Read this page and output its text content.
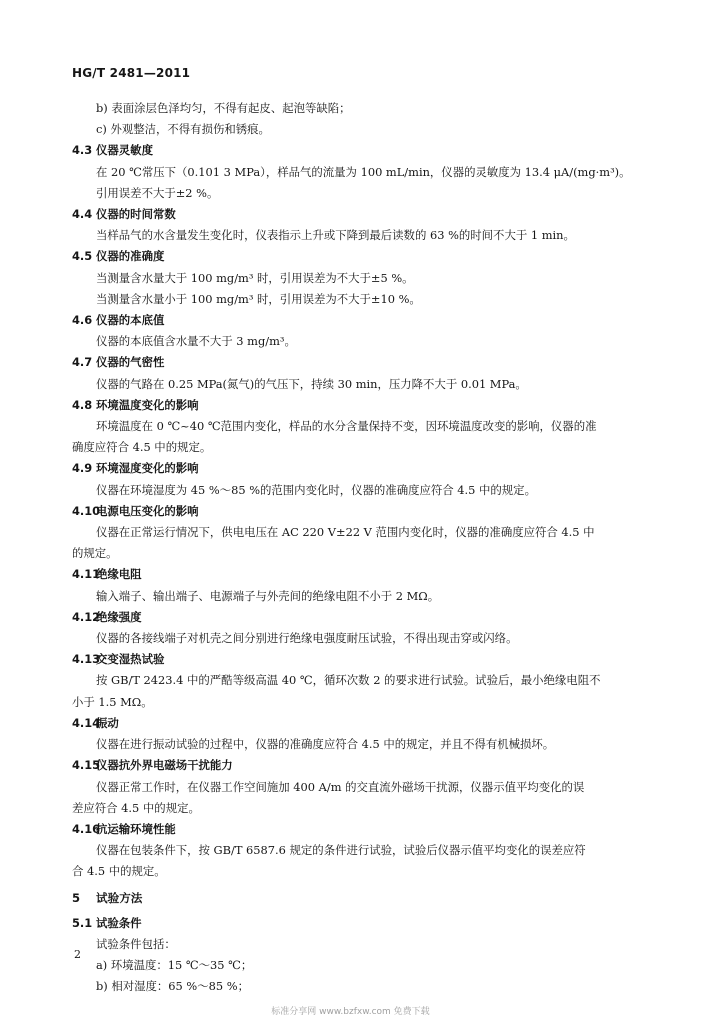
HG/T 2481—2011
b) 表面涂层色泽均匀，不得有起皮、起泡等缺陷；
c) 外观整洁，不得有损伤和锈痕。
4.3 仪器灵敏度
在 20 ℃常压下（0.101 3 MPa），样品气的流量为 100 mL/min，仪器的灵敏度为 13.4 μA/(mg·m³)。
引用误差不大于±2 %。
4.4 仪器的时间常数
当样品气的水含量发生变化时，仪表指示上升或下降到最后读数的 63 %的时间不大于 1 min。
4.5 仪器的准确度
当测量含水量大于 100 mg/m³ 时，引用误差为不大于±5 %。
当测量含水量小于 100 mg/m³ 时，引用误差为不大于±10 %。
4.6 仪器的本底值
仪器的本底值含水量不大于 3 mg/m³。
4.7 仪器的气密性
仪器的气路在 0.25 MPa(氮气)的气压下，持续 30 min，压力降不大于 0.01 MPa。
4.8 环境温度变化的影响
环境温度在 0 ℃~40 ℃范围内变化，样品的水分含量保持不变，因环境温度改变的影响，仪器的准
确度应符合 4.5 中的规定。
4.9 环境湿度变化的影响
仪器在环境湿度为 45 %～85 %的范围内变化时，仪器的准确度应符合 4.5 中的规定。
4.10电源电压变化的影响
仪器在正常运行情况下，供电电压在 AC 220 V±22 V 范围内变化时，仪器的准确度应符合 4.5 中
的规定。
4.11绝缘电阻
输入端子、输出端子、电源端子与外壳间的绝缘电阻不小于 2 MΩ。
4.12绝缘强度
仪器的各接线端子对机壳之间分别进行绝缘电强度耐压试验，不得出现击穿或闪络。
4.13交变湿热试验
按 GB/T 2423.4 中的严酷等级高温 40 ℃，循环次数 2 的要求进行试验。试验后，最小绝缘电阻不
小于 1.5 MΩ。
4.14振动
仪器在进行振动试验的过程中，仪器的准确度应符合 4.5 中的规定，并且不得有机械损坏。
4.15仪器抗外界电磁场干扰能力
仪器正常工作时，在仪器工作空间施加 400 A/m 的交直流外磁场干扰源，仪器示值平均变化的误
差应符合 4.5 中的规定。
4.16抗运输环境性能
仪器在包装条件下，按 GB/T 6587.6 规定的条件进行试验，试验后仪器示值平均变化的误差应符
合 4.5 中的规定。
5 试验方法
5.1 试验条件
试验条件包括：
a) 环境温度：15 ℃～35 ℃；
b) 相对湿度：65 %～85 %；
2
标准分享网 www.bzfxw.com 免费下载
